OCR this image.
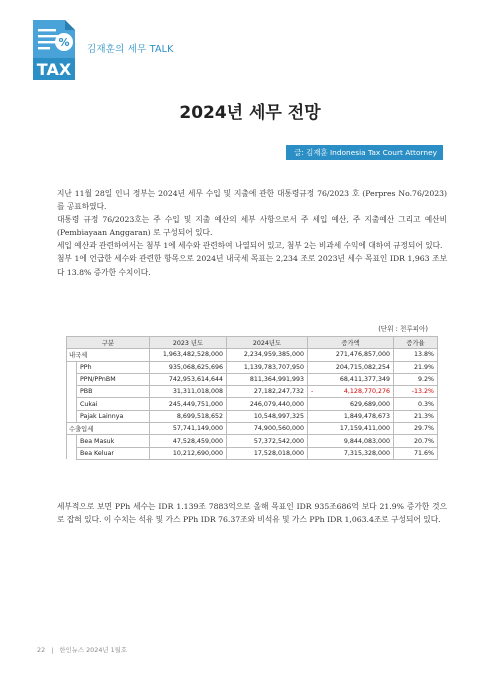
%
TAX
김재훈의 세무 TALK
2024년 세무 전망
글: 김재훈 Indonesia Tax Court Attorney

지난 11월 28일 인니 정부는 2024년 세무 수입 및 지출에 관한 대통령규정 76/2023 호 (Perpres No.76/2023) 를 공표하였다.

대통령 규정 76/2023호는 주 수입 및 지출 예산의 세부 사항으로서 주 세입 예산, 주 지출예산 그리고 예산비(Pembiayaan Anggaran) 로 구성되어 있다.

세입 예산과 관련하여서는 첨부 1에 세수와 관련하여 나열되어 있고, 첨부 2는 비과세 수익에 대하여 규정되어 있다.

첨부 1에 언급한 세수와 관련한 항목으로 2024년 내국세 목표는 2,234 조로 2023년 세수 목표인 IDR 1,963 조보다 13.8% 증가한 수치이다.

(단위 : 천루피아)
구분		2023 년도	2024년도	증가액	증가율
내국세		1,963,482,528,000	2,234,959,385,000	271,476,857,000	13.8%
	PPh	935,068,625,696	1,139,783,707,950	204,715,082,254	21.9%
	PPN/PPnBM	742,953,614,644	811,364,991,993	68,411,377,349	9.2%
	PBB	31,311,018,008	27,182,247,732	- 4,128,770,276	-13.2%
	Cukai	245,449,751,000	246,079,440,000	629,689,000	0.3%
	Pajak Lainnya	8,699,518,652	10,548,997,325	1,849,478,673	21.3%
수출입세		57,741,149,000	74,900,560,000	17,159,411,000	29.7%
	Bea Masuk	47,528,459,000	57,372,542,000	9,844,083,000	20.7%
	Bea Keluar	10,212,690,000	17,528,018,000	7,315,328,000	71.6%

세부적으로 보면 PPh 세수는 IDR 1.139조 7883억으로 올해 목표인 IDR 935조686억 보다 21.9% 증가한 것으로 잡혀 있다. 이 수치는 석유 및 가스 PPh IDR 76.37조와 비석유 및 가스 PPh IDR 1,063.4조로 구성되어 있다.

22 | 한인뉴스 2024년 1월호
